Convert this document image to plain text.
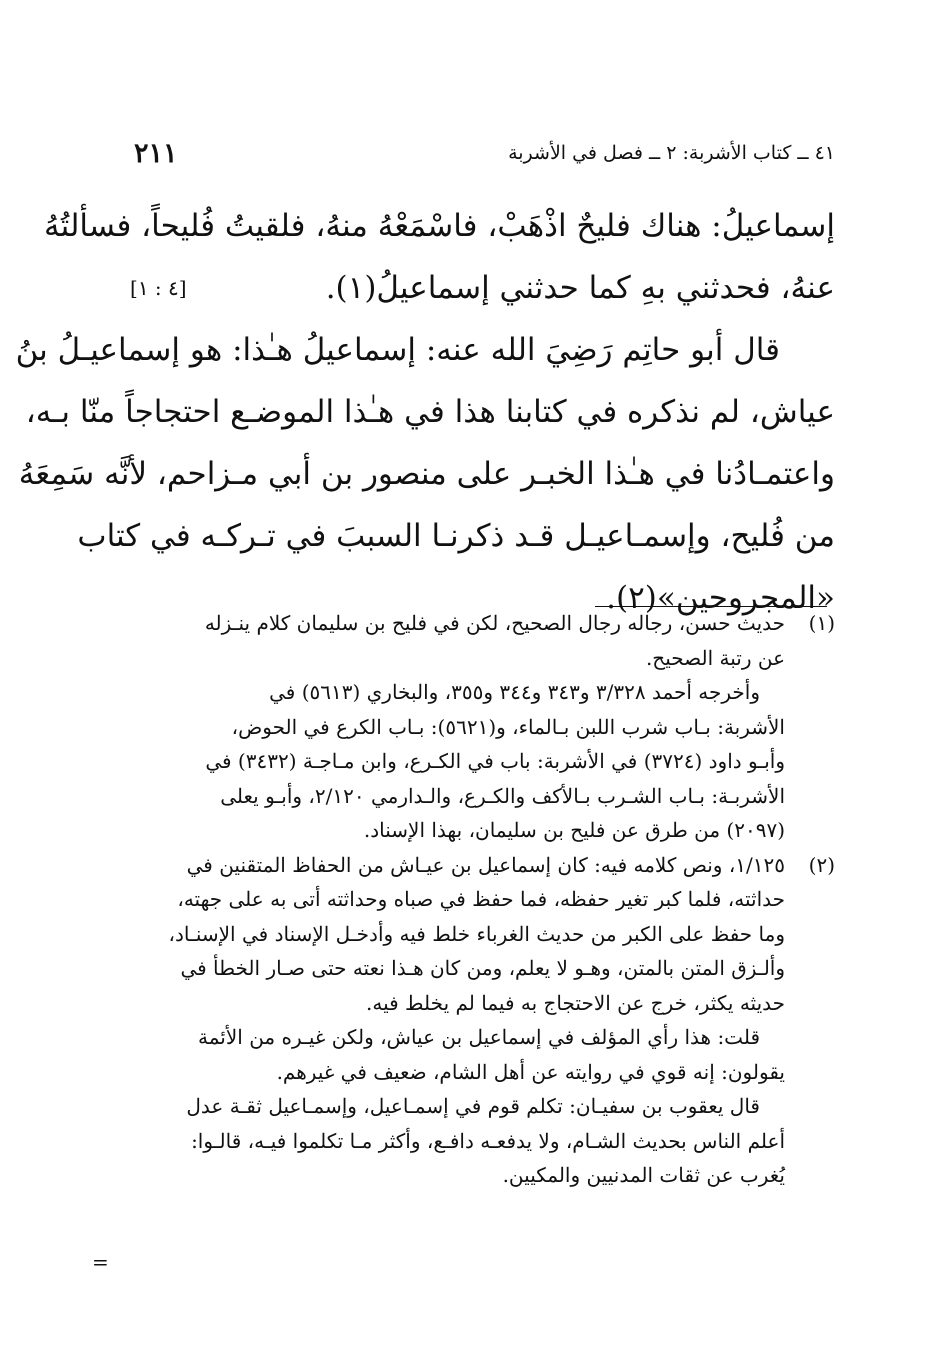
٤١ ــ كتاب الأشربة: ٢ ــ فصل في الأشربة
٢١١
إسماعيلُ: هناك فليحٌ اذْهَبْ، فاسْمَعْهُ منهُ، فلقيتُ فُليحاً، فسألتُهُ
عنهُ، فحدثني بهِ كما حدثني إسماعيلُ(١).
[٤ : ١]
قال أبو حاتِم رَضِيَ الله عنه: إسماعيلُ هـٰذا: هو إسماعيـلُ بنُ
عياش، لم نذكره في كتابنا هذا في هـٰذا الموضـع احتجاجاً منّا بـه،
واعتمـادُنا في هـٰذا الخبـر على منصور بن أبي مـزاحم، لأنَّه سَمِعَهُ
من فُليح، وإسمـاعيـل قـد ذكرنـا السببَ في تـركـه في كتاب
«المجروحين»(٢).
(١)
حديث حسن، رجاله رجال الصحيح، لكن في فليح بن سليمان كلام ينـزله
عن رتبة الصحيح.
وأخرجه أحمد ٣/٣٢٨ و٣٤٣ و٣٤٤ و٣٥٥، والبخاري (٥٦١٣) في
الأشربة: بـاب شرب اللبن بـالماء، و(٥٦٢١): بـاب الكرع في الحوض،
وأبـو داود (٣٧٢٤) في الأشربة: باب في الكـرع، وابن مـاجـة (٣٤٣٢) في
الأشربـة: بـاب الشـرب بـالأكف والكـرع، والـدارمي ٢/١٢٠، وأبـو يعلى
(٢٠٩٧) من طرق عن فليح بن سليمان، بهذا الإسناد.
(٢)
١/١٢٥، ونص كلامه فيه: كان إسماعيل بن عيـاش من الحفاظ المتقنين في
حداثته، فلما كبر تغير حفظه، فما حفظ في صباه وحداثته أتى به على جهته،
وما حفظ على الكبر من حديث الغرباء خلط فيه وأدخـل الإسناد في الإسنـاد،
وألـزق المتن بالمتن، وهـو لا يعلم، ومن كان هـذا نعته حتى صـار الخطأ في
حديثه يكثر، خرج عن الاحتجاج به فيما لم يخلط فيه.
قلت: هذا رأي المؤلف في إسماعيل بن عياش، ولكن غيـره من الأئمة
يقولون: إنه قوي في روايته عن أهل الشام، ضعيف في غيرهم.
قال يعقوب بن سفيـان: تكلم قوم في إسمـاعيل، وإسمـاعيل ثقـة عدل
أعلم الناس بحديث الشـام، ولا يدفعـه دافـع، وأكثر مـا تكلموا فيـه، قالـوا:
يُغرب عن ثقات المدنيين والمكيين.
=
